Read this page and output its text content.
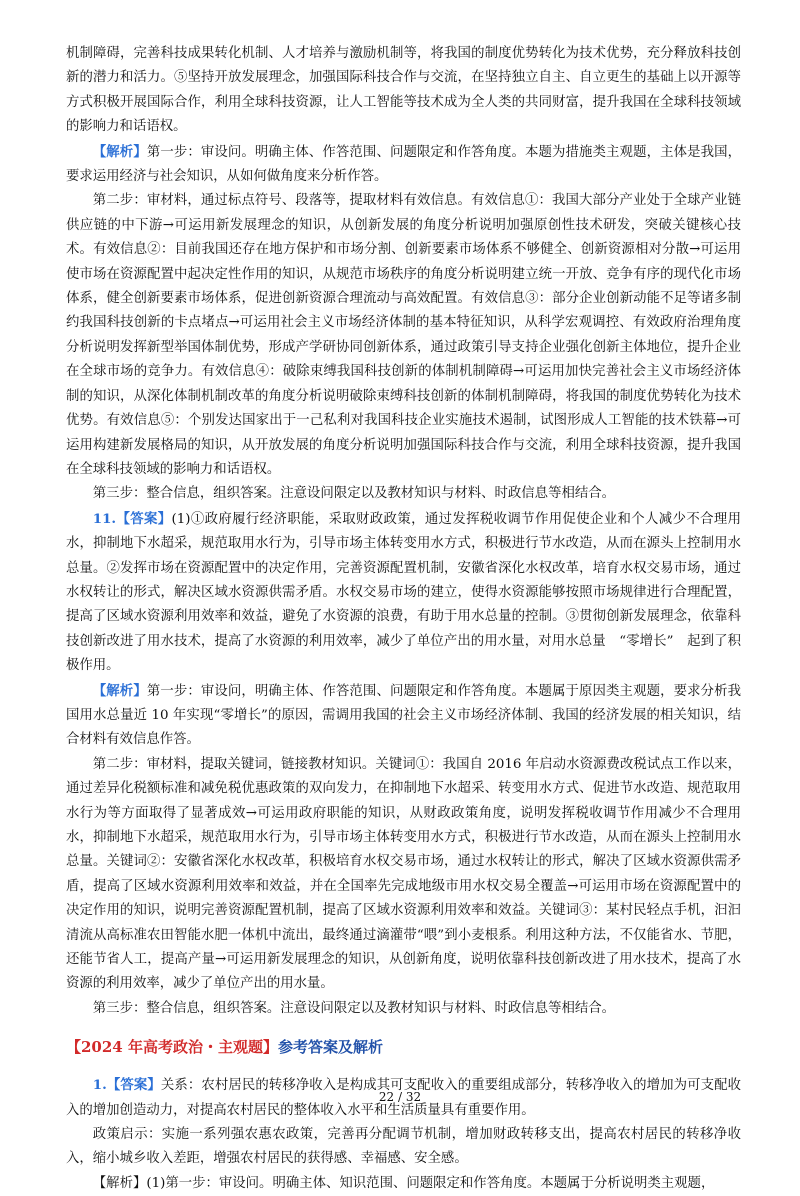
机制障碍，完善科技成果转化机制、人才培养与激励机制等，将我国的制度优势转化为技术优势，充分释放科技创新的潜力和活力。⑤坚持开放发展理念，加强国际科技合作与交流，在坚持独立自主、自立更生的基础上以开源等方式积极开展国际合作，利用全球科技资源，让人工智能等技术成为全人类的共同财富，提升我国在全球科技领域的影响力和话语权。

【解析】第一步：审设问。明确主体、作答范围、问题限定和作答角度。本题为措施类主观题，主体是我国，要求运用经济与社会知识，从如何做角度来分析作答。

第二步：审材料，通过标点符号、段落等，提取材料有效信息。有效信息①：我国大部分产业处于全球产业链供应链的中下游→可运用新发展理念的知识，从创新发展的角度分析说明加强原创性技术研发，突破关键核心技术。有效信息②：目前我国还存在地方保护和市场分割、创新要素市场体系不够健全、创新资源相对分散→可运用使市场在资源配置中起决定性作用的知识，从规范市场秩序的角度分析说明建立统一开放、竞争有序的现代化市场体系，健全创新要素市场体系，促进创新资源合理流动与高效配置。有效信息③：部分企业创新动能不足等诸多制约我国科技创新的卡点堵点→可运用社会主义市场经济体制的基本特征知识，从科学宏观调控、有效政府治理角度分析说明发挥新型举国体制优势，形成产学研协同创新体系，通过政策引导支持企业强化创新主体地位，提升企业在全球市场的竞争力。有效信息④：破除束缚我国科技创新的体制机制障碍→可运用加快完善社会主义市场经济体制的知识，从深化体制机制改革的角度分析说明破除束缚科技创新的体制机制障碍，将我国的制度优势转化为技术优势。有效信息⑤：个别发达国家出于一己私利对我国科技企业实施技术遏制，试图形成人工智能的技术铁幕→可运用构建新发展格局的知识，从开放发展的角度分析说明加强国际科技合作与交流，利用全球科技资源，提升我国在全球科技领域的影响力和话语权。

第三步：整合信息，组织答案。注意设问限定以及教材知识与材料、时政信息等相结合。

11.【答案】(1)①政府履行经济职能，采取财政政策，通过发挥税收调节作用促使企业和个人减少不合理用水，抑制地下水超采，规范取用水行为，引导市场主体转变用水方式，积极进行节水改造，从而在源头上控制用水总量。②发挥市场在资源配置中的决定作用，完善资源配置机制，安徽省深化水权改革，培育水权交易市场，通过水权转让的形式，解决区域水资源供需矛盾。水权交易市场的建立，使得水资源能够按照市场规律进行合理配置，提高了区域水资源利用效率和效益，避免了水资源的浪费，有助于用水总量的控制。③贯彻创新发展理念，依靠科技创新改进了用水技术，提高了水资源的利用效率，减少了单位产出的用水量，对用水总量　“零增长”　起到了积极作用。

【解析】第一步：审设问，明确主体、作答范围、问题限定和作答角度。本题属于原因类主观题，要求分析我国用水总量近 10 年实现“零增长”的原因，需调用我国的社会主义市场经济体制、我国的经济发展的相关知识，结合材料有效信息作答。

第二步：审材料，提取关键词，链接教材知识。关键词①：我国自 2016 年启动水资源费改税试点工作以来，通过差异化税额标准和减免税优惠政策的双向发力，在抑制地下水超采、转变用水方式、促进节水改造、规范取用水行为等方面取得了显著成效→可运用政府职能的知识，从财政政策角度，说明发挥税收调节作用减少不合理用水，抑制地下水超采，规范取用水行为，引导市场主体转变用水方式，积极进行节水改造，从而在源头上控制用水总量。关键词②：安徽省深化水权改革，积极培育水权交易市场，通过水权转让的形式，解决了区域水资源供需矛盾，提高了区域水资源利用效率和效益，并在全国率先完成地级市用水权交易全覆盖→可运用市场在资源配置中的决定作用的知识，说明完善资源配置机制，提高了区域水资源利用效率和效益。关键词③：某村民轻点手机，汩汩清流从高标准农田智能水肥一体机中流出，最终通过滴灌带“喂”到小麦根系。利用这种方法，不仅能省水、节肥，还能节省人工，提高产量→可运用新发展理念的知识，从创新角度，说明依靠科技创新改进了用水技术，提高了水资源的利用效率，减少了单位产出的用水量。

第三步：整合信息，组织答案。注意设问限定以及教材知识与材料、时政信息等相结合。

【2024 年高考政治・主观题】参考答案及解析

1.【答案】关系：农村居民的转移净收入是构成其可支配收入的重要组成部分，转移净收入的增加为可支配收入的增加创造动力，对提高农村居民的整体收入水平和生活质量具有重要作用。

政策启示：实施一系列强农惠农政策，完善再分配调节机制，增加财政转移支出，提高农村居民的转移净收入，缩小城乡收入差距，增强农村居民的获得感、幸福感、安全感。

【解析】(1)第一步：审设问。明确主体、知识范围、问题限定和作答角度。本题属于分析说明类主观题，

22 / 32
